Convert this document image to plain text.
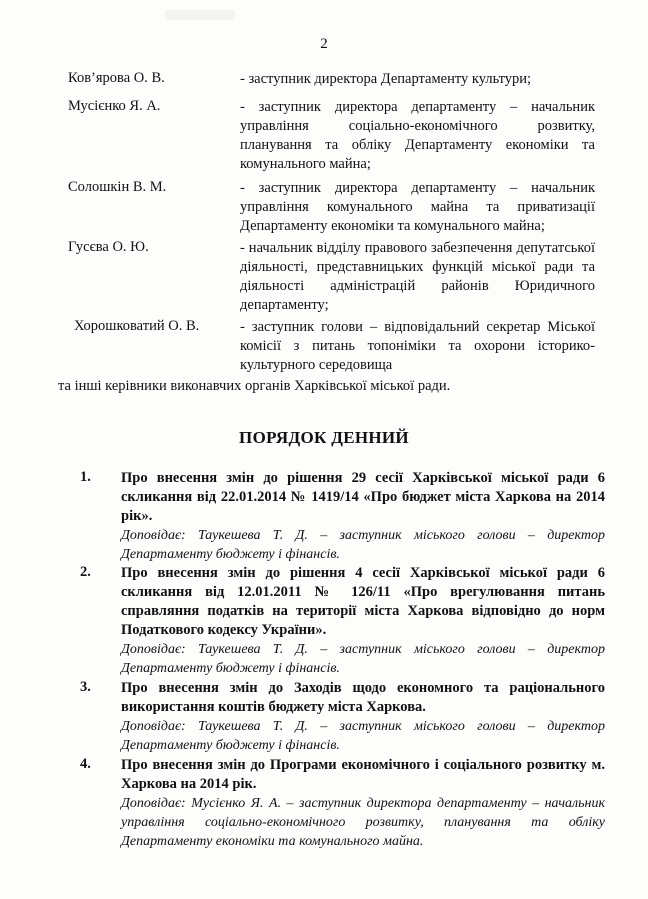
2
Ков’ярова О. В.	- заступник директора Департаменту культури;
Мусієнко Я. А.	- заступник директора департаменту – начальник управління соціально-економічного розвитку, планування та обліку Департаменту економіки та комунального майна;
Солошкін В. М.	- заступник директора департаменту – начальник управління комунального майна та приватизації Департаменту економіки та комунального майна;
Гусєва О. Ю.	- начальник відділу правового забезпечення депутатської діяльності, представницьких функцій міської ради та діяльності адміністрацій районів Юридичного департаменту;
Хорошковатий О. В.	- заступник голови – відповідальний секретар Міської комісії з питань топоніміки та охорони історико-культурного середовища
та інші керівники виконавчих органів Харківської міської ради.
ПОРЯДОК ДЕННИЙ
1. Про внесення змін до рішення 29 сесії Харківської міської ради 6 скликання від 22.01.2014 № 1419/14 «Про бюджет міста Харкова на 2014 рік».

Доповідає: Таукешева Т. Д. – заступник міського голови – директор Департаменту бюджету і фінансів.

2. Про внесення змін до рішення 4 сесії Харківської міської ради 6 скликання від 12.01.2011 № 126/11 «Про врегулювання питань справляння податків на території міста Харкова відповідно до норм Податкового кодексу України».

Доповідає: Таукешева Т. Д. – заступник міського голови – директор Департаменту бюджету і фінансів.

3. Про внесення змін до Заходів щодо економного та раціонального використання коштів бюджету міста Харкова.

Доповідає: Таукешева Т. Д. – заступник міського голови – директор Департаменту бюджету і фінансів.

4. Про внесення змін до Програми економічного і соціального розвитку м. Харкова на 2014 рік.

Доповідає: Мусієнко Я. А. – заступник директора департаменту – начальник управління соціально-економічного розвитку, планування та обліку Департаменту економіки та комунального майна.
